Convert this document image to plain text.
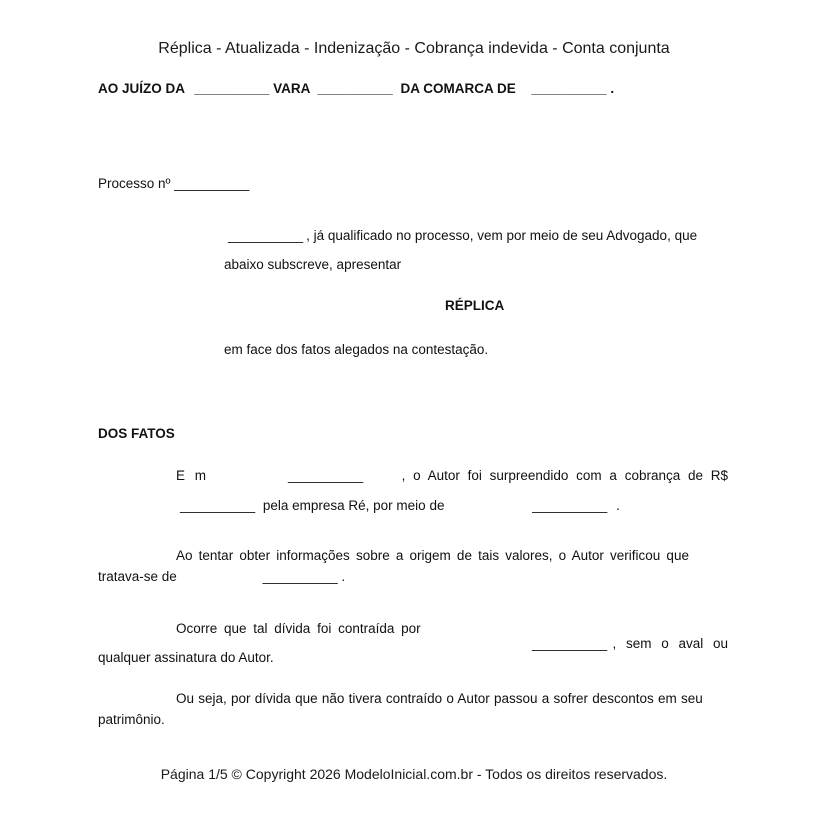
Réplica - Atualizada - Indenização - Cobrança indevida - Conta conjunta
AO JUÍZO DA __________ VARA __________ DA COMARCA DE __________ .
Processo nº __________
__________ , já qualificado no processo, vem por meio de seu Advogado, que
abaixo subscreve, apresentar
RÉPLICA
em face dos fatos alegados na contestação.
DOS FATOS
E m	__________	, o Autor foi surpreendido com a cobrança de R$
__________ pela empresa Ré, por meio de	__________ .
Ao tentar obter informações sobre a origem de tais valores, o Autor verificou que
tratava-se de	__________ .
Ocorre que tal dívida foi contraída por
__________ , sem o aval ou
qualquer assinatura do Autor.
Ou seja, por dívida que não tivera contraído o Autor passou a sofrer descontos em seu
patrimônio.
Página 1/5 © Copyright 2026 ModeloInicial.com.br - Todos os direitos reservados.
